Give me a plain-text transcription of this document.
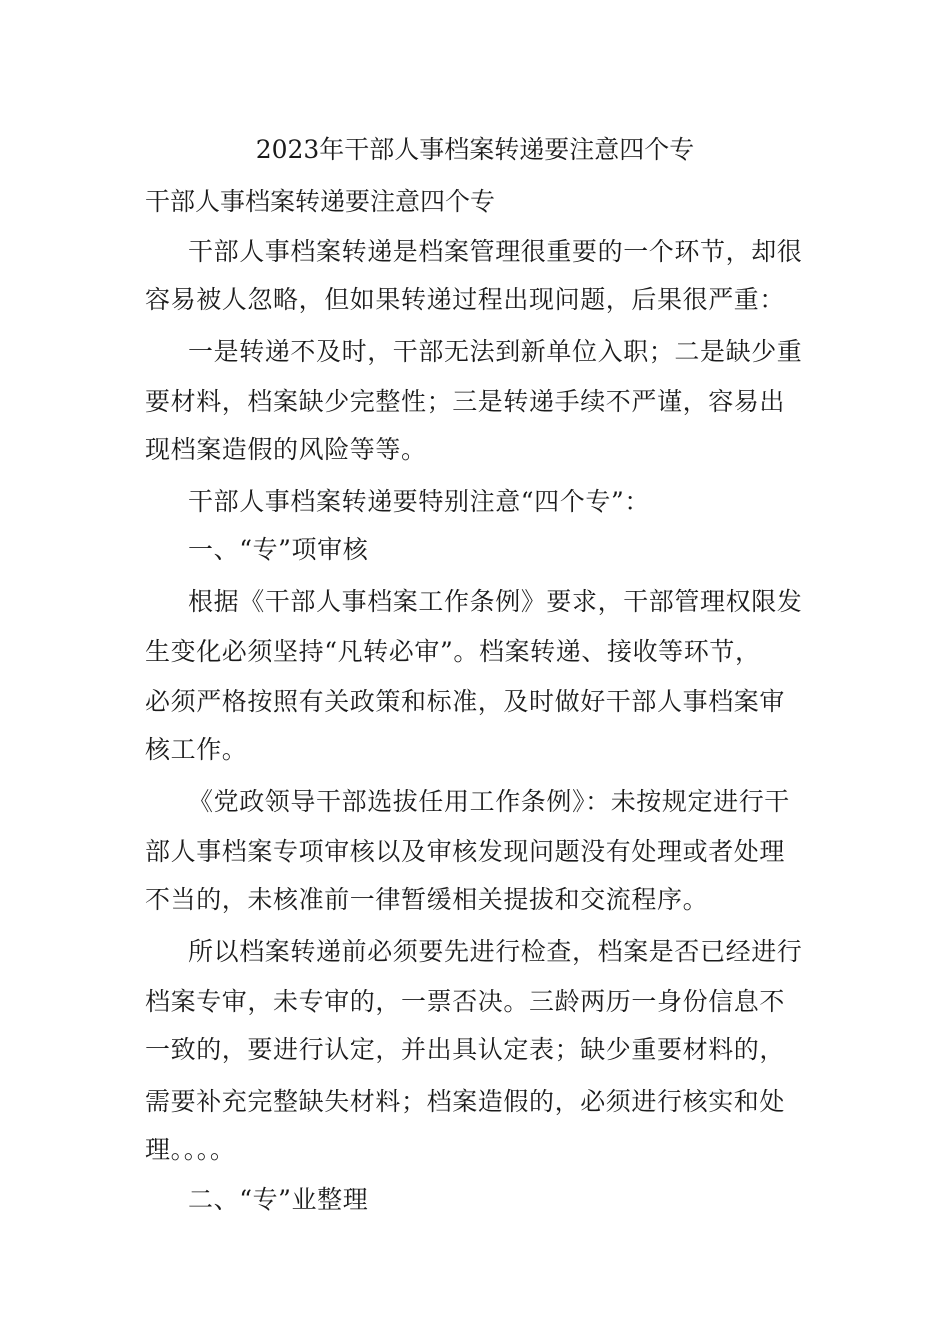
2023年干部人事档案转递要注意四个专
干部人事档案转递要注意四个专
干部人事档案转递是档案管理很重要的一个环节，却很
容易被人忽略，但如果转递过程出现问题，后果很严重：
一是转递不及时，干部无法到新单位入职；二是缺少重
要材料，档案缺少完整性；三是转递手续不严谨，容易出
现档案造假的风险等等。
干部人事档案转递要特别注意“四个专”：
一、“专”项审核
根据《干部人事档案工作条例》要求，干部管理权限发
生变化必须坚持“凡转必审”。档案转递、接收等环节，
必须严格按照有关政策和标准，及时做好干部人事档案审
核工作。
《党政领导干部选拔任用工作条例》：未按规定进行干
部人事档案专项审核以及审核发现问题没有处理或者处理
不当的，未核准前一律暂缓相关提拔和交流程序。
所以档案转递前必须要先进行检查，档案是否已经进行
档案专审，未专审的，一票否决。三龄两历一身份信息不
一致的，要进行认定，并出具认定表；缺少重要材料的，
需要补充完整缺失材料；档案造假的，必须进行核实和处
理。。。。
二、“专”业整理
